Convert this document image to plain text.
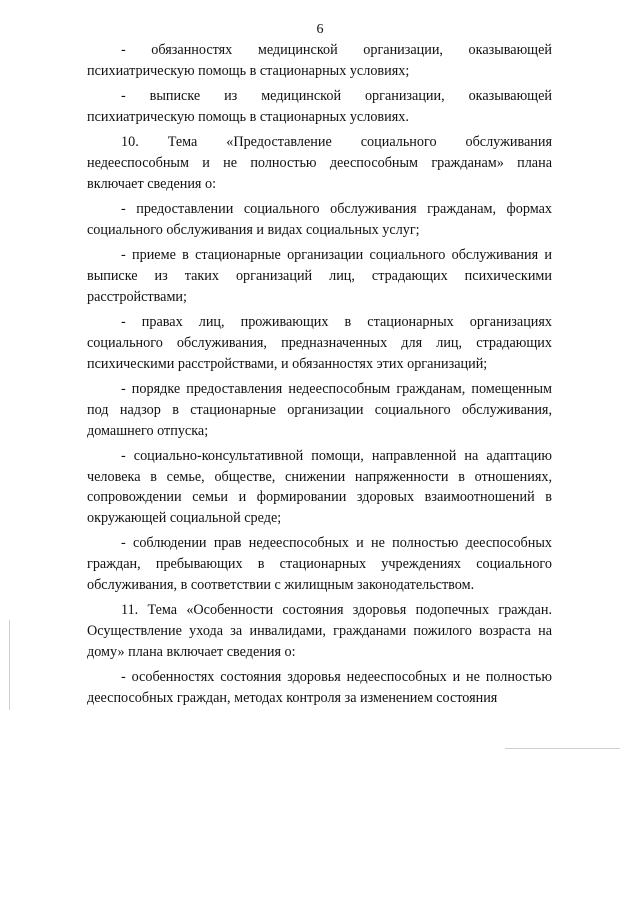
6

- обязанностях медицинской организации, оказывающей психиатрическую помощь в стационарных условиях;

- выписке из медицинской организации, оказывающей психиатрическую помощь в стационарных условиях.

10. Тема «Предоставление социального обслуживания недееспособным и не полностью дееспособным гражданам» плана включает сведения о:

- предоставлении социального обслуживания гражданам, формах социального обслуживания и видах социальных услуг;

- приеме в стационарные организации социального обслуживания и выписке из таких организаций лиц, страдающих психическими расстройствами;

- правах лиц, проживающих в стационарных организациях социального обслуживания, предназначенных для лиц, страдающих психическими расстройствами, и обязанностях этих организаций;

- порядке предоставления недееспособным гражданам, помещенным под надзор в стационарные организации социального обслуживания, домашнего отпуска;

- социально-консультативной помощи, направленной на адаптацию человека в семье, обществе, снижении напряженности в отношениях, сопровождении семьи и формировании здоровых взаимоотношений в окружающей социальной среде;

- соблюдении прав недееспособных и не полностью дееспособных граждан, пребывающих в стационарных учреждениях социального обслуживания, в соответствии с жилищным законодательством.

11. Тема «Особенности состояния здоровья подопечных граждан. Осуществление ухода за инвалидами, гражданами пожилого возраста на дому» плана включает сведения о:

- особенностях состояния здоровья недееспособных и не полностью дееспособных граждан, методах контроля за изменением состояния
